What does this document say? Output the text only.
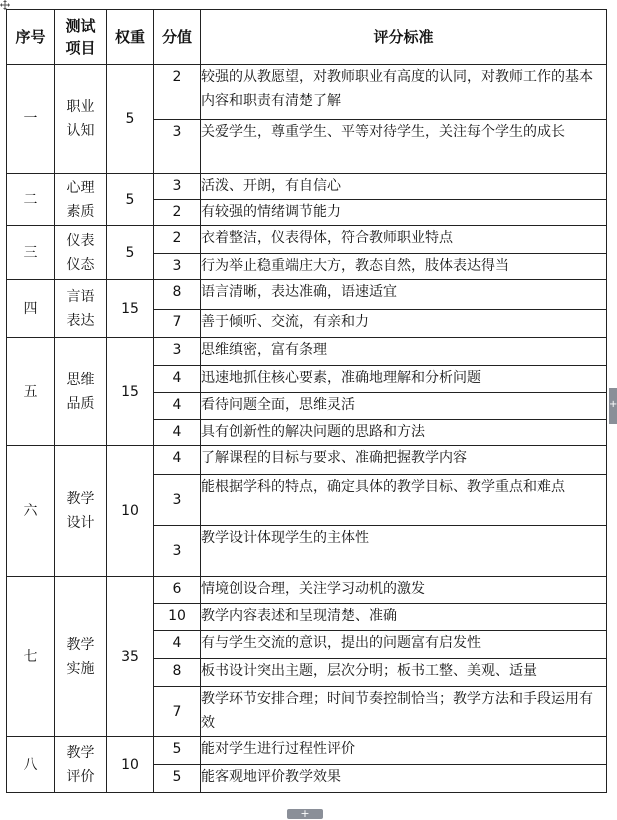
序号	测试项目	权重	分值	评分标准
一	职业认知	5	2	较强的从教愿望，对教师职业有高度的认同，对教师工作的基本内容和职责有清楚了解
			3	关爱学生，尊重学生、平等对待学生，关注每个学生的成长
二	心理素质	5	3	活泼、开朗，有自信心
			2	有较强的情绪调节能力
三	仪表仪态	5	2	衣着整洁，仪表得体，符合教师职业特点
			3	行为举止稳重端庄大方，教态自然，肢体表达得当
四	言语表达	15	8	语言清晰，表达准确，语速适宜
			7	善于倾听、交流，有亲和力
五	思维品质	15	3	思维缜密，富有条理
			4	迅速地抓住核心要素，准确地理解和分析问题
			4	看待问题全面，思维灵活
			4	具有创新性的解决问题的思路和方法
六	教学设计	10	4	了解课程的目标与要求、准确把握教学内容
			3	能根据学科的特点，确定具体的教学目标、教学重点和难点
			3	教学设计体现学生的主体性
七	教学实施	35	6	情境创设合理，关注学习动机的激发
			10	教学内容表述和呈现清楚、准确
			4	有与学生交流的意识，提出的问题富有启发性
			8	板书设计突出主题，层次分明；板书工整、美观、适量
			7	教学环节安排合理；时间节奏控制恰当；教学方法和手段运用有效
八	教学评价	10	5	能对学生进行过程性评价
			5	能客观地评价教学效果
+
+
